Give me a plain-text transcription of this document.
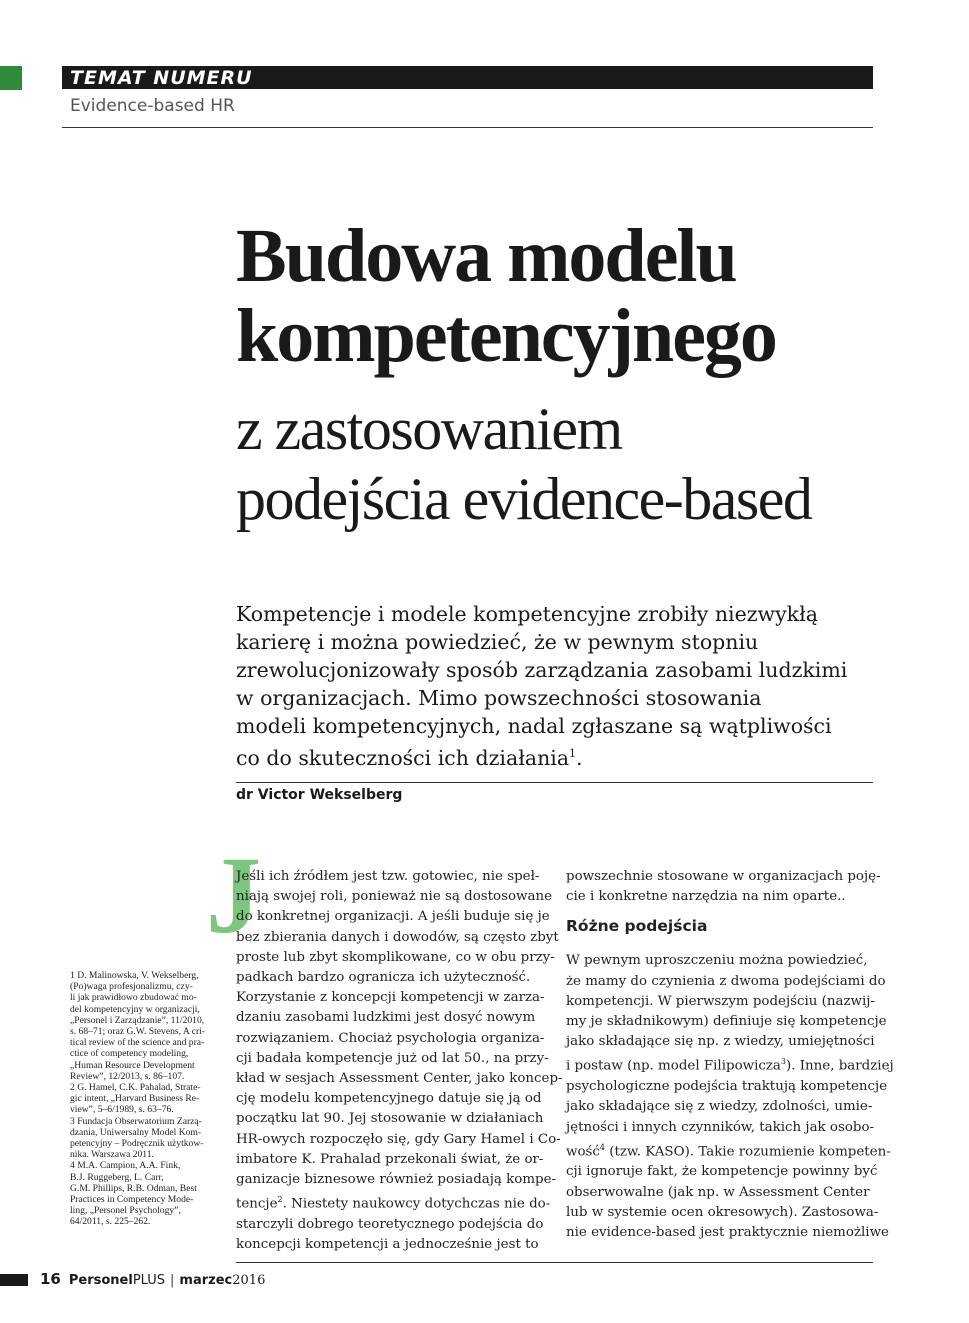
TEMAT NUMERU
Evidence-based HR
Budowa modelu
kompetencyjnego
z zastosowaniem
podejścia evidence-based

Kompetencje i modele kompetencyjne zrobiły niezwykłą

karierę i można powiedzieć, że w pewnym stopniu

zrewolucjonizowały sposób zarządzania zasobami ludzkimi

w organizacjach. Mimo powszechności stosowania

modeli kompetencyjnych, nadal zgłaszane są wątpliwości

co do skuteczności ich działania$^1$.

dr Victor Wekselberg
J

Jeśli ich źródłem jest tzw. gotowiec, nie speł-

niają swojej roli, ponieważ nie są dostosowane

do konkretnej organizacji. A jeśli buduje się je

bez zbierania danych i dowodów, są często zbyt

proste lub zbyt skomplikowane, co w obu przy-

padkach bardzo ogranicza ich użyteczność.

Korzystanie z koncepcji kompetencji w zarza-

dzaniu zasobami ludzkimi jest dosyć nowym

rozwiązaniem. Chociaż psychologia organiza-

cji badała kompetencje już od lat 50., na przy-

kład w sesjach Assessment Center, jako koncep-

cję modelu kompetencyjnego datuje się ją od

początku lat 90. Jej stosowanie w działaniach

HR-owych rozpoczęło się, gdy Gary Hamel i Co-

imbatore K. Prahalad przekonali świat, że or-

ganizacje biznesowe również posiadają kompe-

tencje$^2$. Niestety naukowcy dotychczas nie do-

starczyli dobrego teoretycznego podejścia do

koncepcji kompetencji a jednocześnie jest to

powszechnie stosowane w organizacjach poję-

cie i konkretne narzędzia na nim oparte..

Różne podejścia

W pewnym uproszczeniu można powiedzieć,

że mamy do czynienia z dwoma podejściami do

kompetencji. W pierwszym podejściu (nazwij-

my je składnikowym) definiuje się kompetencje

jako składające się np. z wiedzy, umiejętności

i postaw (np. model Filipowicza$^3$). Inne, bardziej

psychologiczne podejścia traktują kompetencje

jako składające się z wiedzy, zdolności, umie-

jętności i innych czynników, takich jak osobo-

wość$^4$ (tzw. KASO). Takie rozumienie kompeten-

cji ignoruje fakt, że kompetencje powinny być

obserwowalne (jak np. w Assessment Center

lub w systemie ocen okresowych). Zastosowa-

nie evidence-based jest praktycznie niemożliwe

1 D. Malinowska, V. Wekselberg,

(Po)waga profesjonalizmu, czy-

li jak prawidłowo zbudować mo-

del kompetencyjny w organizacji,

„Personel i Zarządzanie”, 11/2010,

s. 68–71; oraz G.W. Stevens, A cri-

tical review of the science and pra-

ctice of competency modeling,

„Human Resource Development

Review”, 12/2013, s. 86–107.

2 G. Hamel, C.K. Pahalad, Strate-

gic intent, „Harvard Business Re-

view”, 5–6/1989, s. 63–76.

3 Fundacja Obserwatorium Zarzą-

dzania, Uniwersalny Model Kom-

petencyjny – Podręcznik użytkow-

nika. Warszawa 2011.

4 M.A. Campion, A.A. Fink,

B.J. Ruggeberg, L. Carr,

G.M. Phillips, R.B. Odman, Best

Practices in Competency Mode-

ling, „Personel Psychology”,

64/2011, s. 225–262.

16 PersonelPLUS | marzec2016
